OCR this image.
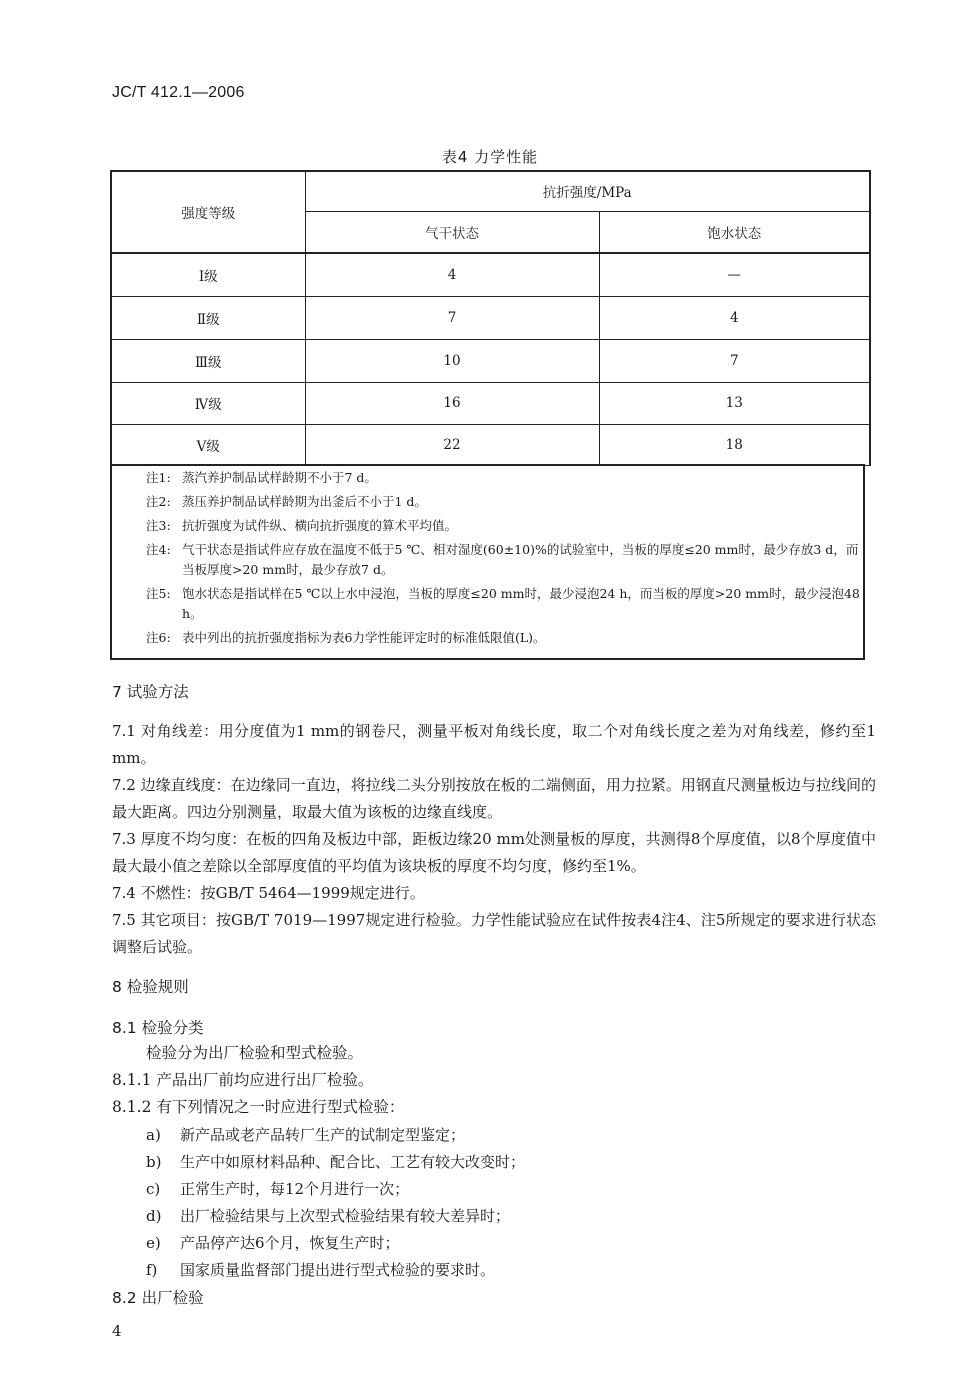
JC/T 412.1—2006
表4 力学性能
强度等级	抗折强度/MPa	
	气干状态	饱水状态
Ⅰ级	4	—
Ⅱ级	7	4
Ⅲ级	10	7
Ⅳ级	16	13
Ⅴ级	22	18
注1: 蒸汽养护制品试样龄期不小于7 d。
注2: 蒸压养护制品试样龄期为出釜后不小于1 d。
注3: 抗折强度为试件纵、横向抗折强度的算术平均值。
注4: 气干状态是指试件应存放在温度不低于5 ℃、相对湿度(60±10)%的试验室中，当板的厚度≤20 mm时，最少存放3 d，而当板厚度>20 mm时，最少存放7 d。
注5: 饱水状态是指试样在5 ℃以上水中浸泡，当板的厚度≤20 mm时，最少浸泡24 h，而当板的厚度>20 mm时，最少浸泡48 h。
注6: 表中列出的抗折强度指标为表6力学性能评定时的标准低限值(L)。
7 试验方法
7.1 对角线差：用分度值为1 mm的钢卷尺，测量平板对角线长度，取二个对角线长度之差为对角线差，修约至1 mm。
7.2 边缘直线度：在边缘同一直边，将拉线二头分别按放在板的二端侧面，用力拉紧。用钢直尺测量板边与拉线间的最大距离。四边分别测量，取最大值为该板的边缘直线度。
7.3 厚度不均匀度：在板的四角及板边中部，距板边缘20 mm处测量板的厚度，共测得8个厚度值，以8个厚度值中最大最小值之差除以全部厚度值的平均值为该块板的厚度不均匀度，修约至1%。
7.4 不燃性：按GB/T 5464—1999规定进行。
7.5 其它项目：按GB/T 7019—1997规定进行检验。力学性能试验应在试件按表4注4、注5所规定的要求进行状态调整后试验。
8 检验规则
8.1 检验分类
检验分为出厂检验和型式检验。
8.1.1 产品出厂前均应进行出厂检验。
8.1.2 有下列情况之一时应进行型式检验：
a) 新产品或老产品转厂生产的试制定型鉴定；
b) 生产中如原材料品种、配合比、工艺有较大改变时；
c) 正常生产时，每12个月进行一次；
d) 出厂检验结果与上次型式检验结果有较大差异时；
e) 产品停产达6个月，恢复生产时；
f) 国家质量监督部门提出进行型式检验的要求时。
8.2 出厂检验
4
